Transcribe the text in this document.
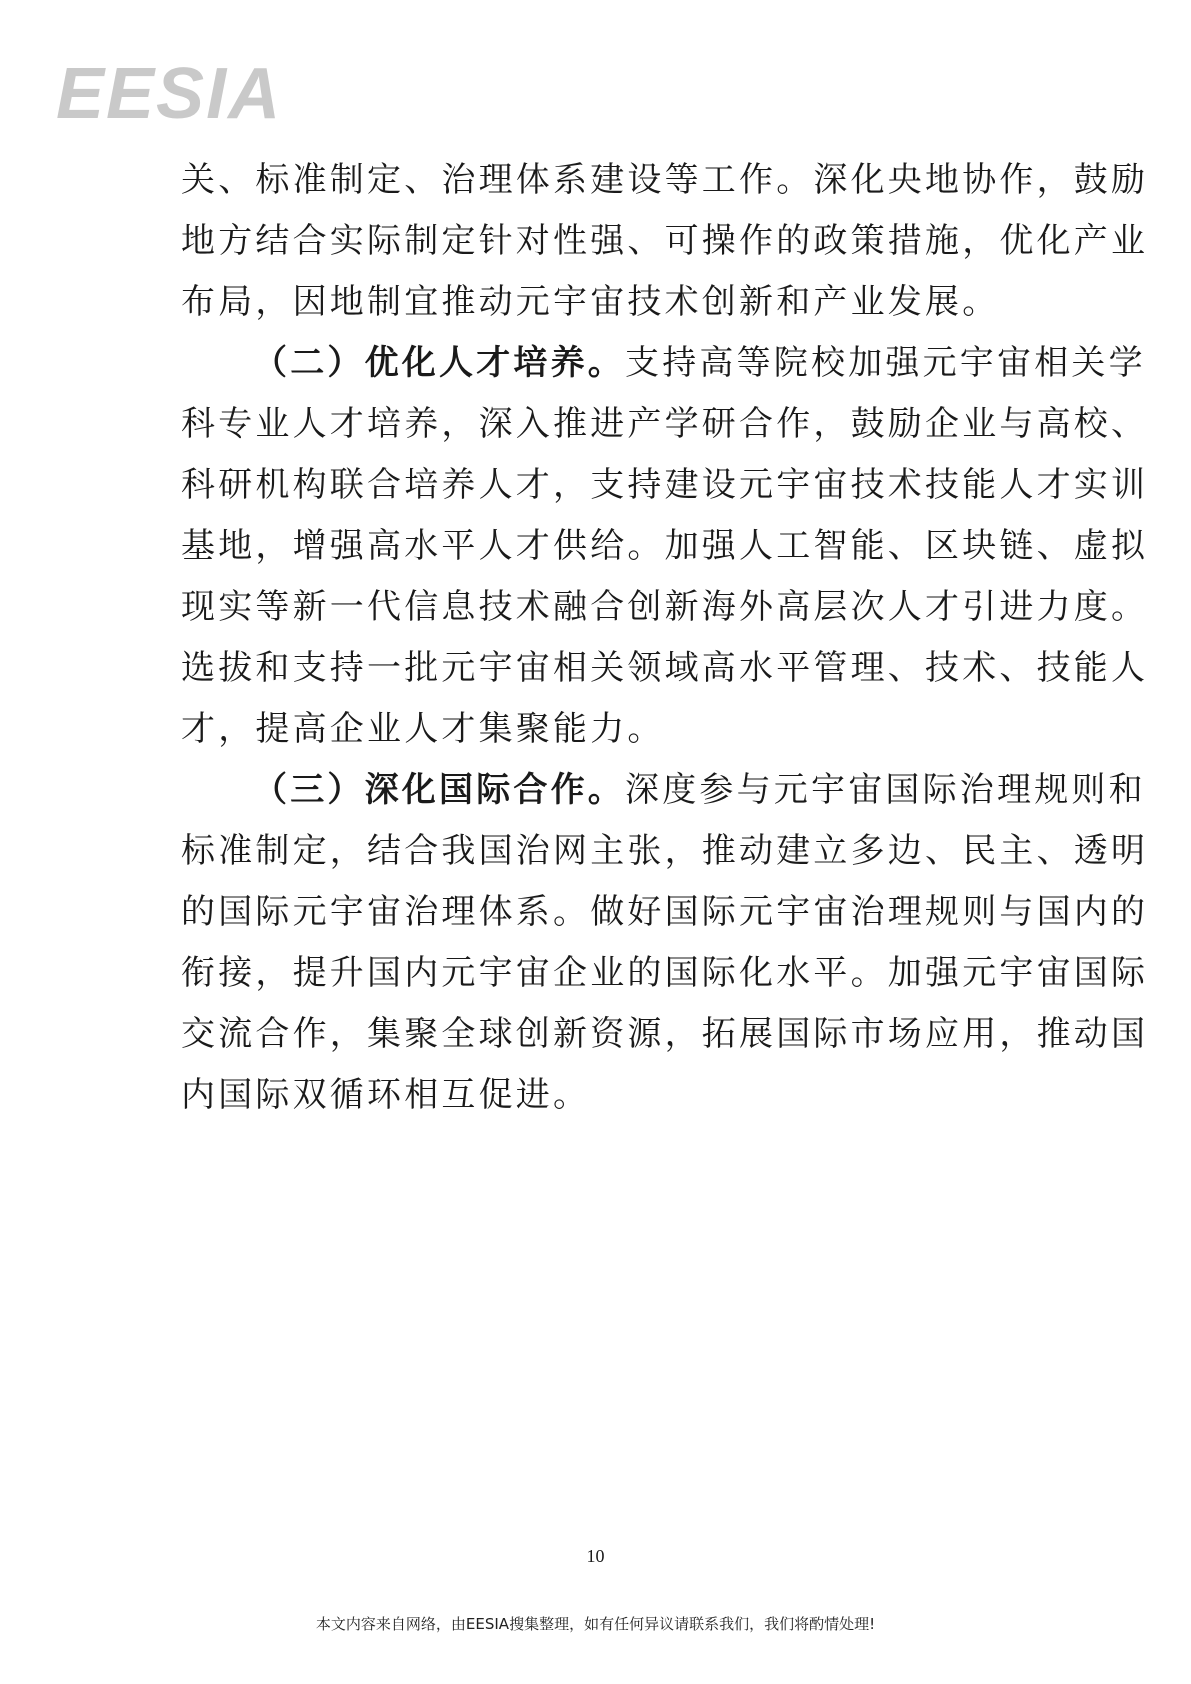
EESIA
关、标准制定、治理体系建设等工作。深化央地协作，鼓励
地方结合实际制定针对性强、可操作的政策措施，优化产业
布局，因地制宜推动元宇宙技术创新和产业发展。
（二）优化人才培养。支持高等院校加强元宇宙相关学
科专业人才培养，深入推进产学研合作，鼓励企业与高校、
科研机构联合培养人才，支持建设元宇宙技术技能人才实训
基地，增强高水平人才供给。加强人工智能、区块链、虚拟
现实等新一代信息技术融合创新海外高层次人才引进力度。
选拔和支持一批元宇宙相关领域高水平管理、技术、技能人
才，提高企业人才集聚能力。
（三）深化国际合作。深度参与元宇宙国际治理规则和
标准制定，结合我国治网主张，推动建立多边、民主、透明
的国际元宇宙治理体系。做好国际元宇宙治理规则与国内的
衔接，提升国内元宇宙企业的国际化水平。加强元宇宙国际
交流合作，集聚全球创新资源，拓展国际市场应用，推动国
内国际双循环相互促进。
10
本文内容来自网络，由EESIA搜集整理，如有任何异议请联系我们，我们将酌情处理!
